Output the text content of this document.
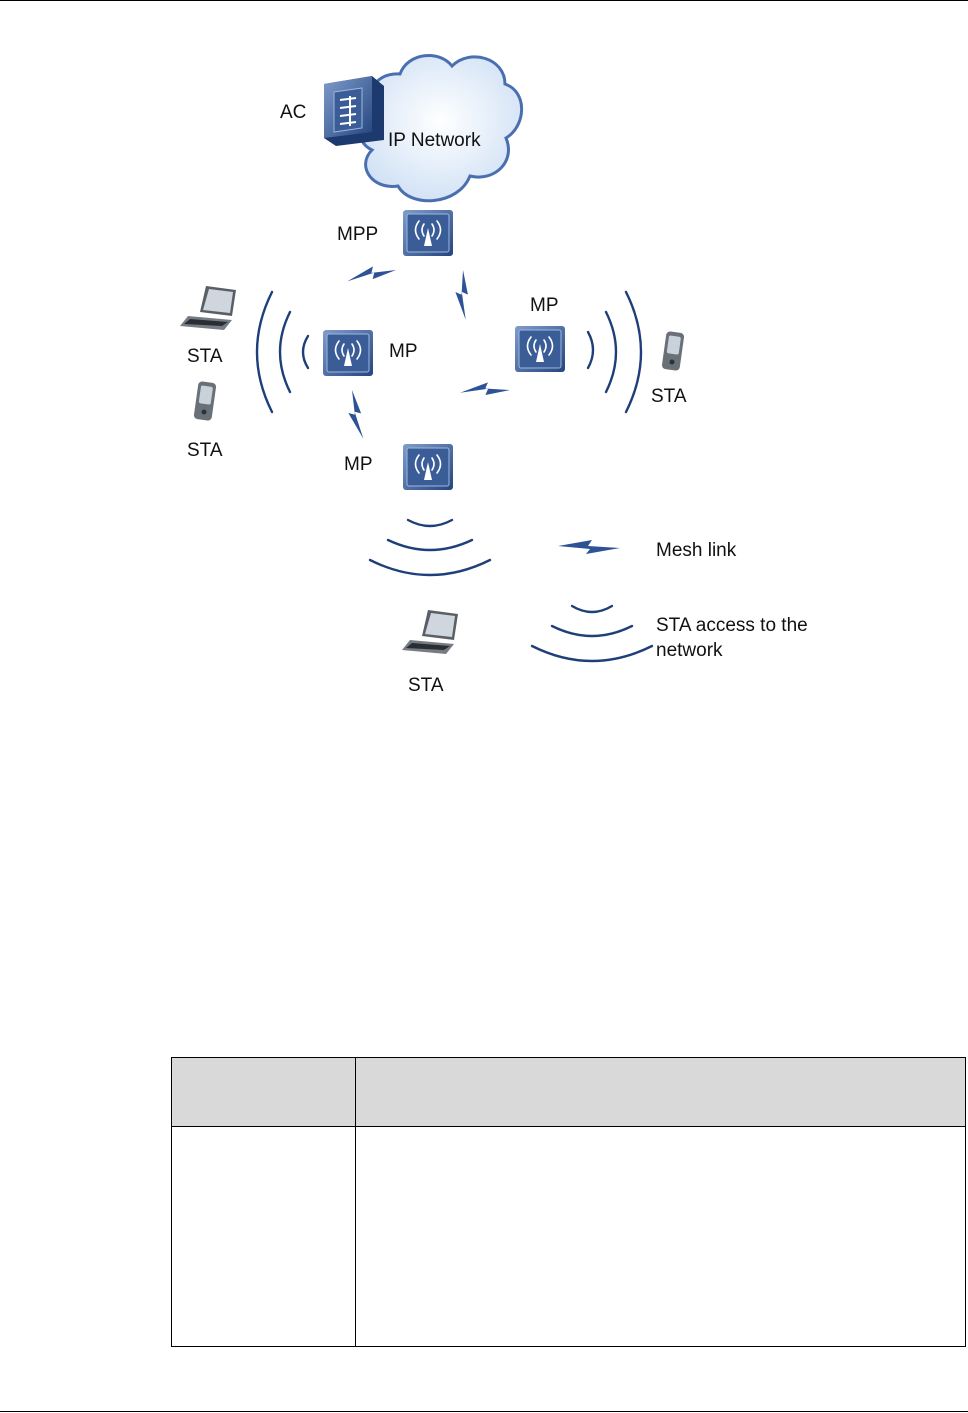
AC
IP Network
MPP
MP
MP
MP
STA
STA
STA
STA
Mesh link
STA access to the
network
